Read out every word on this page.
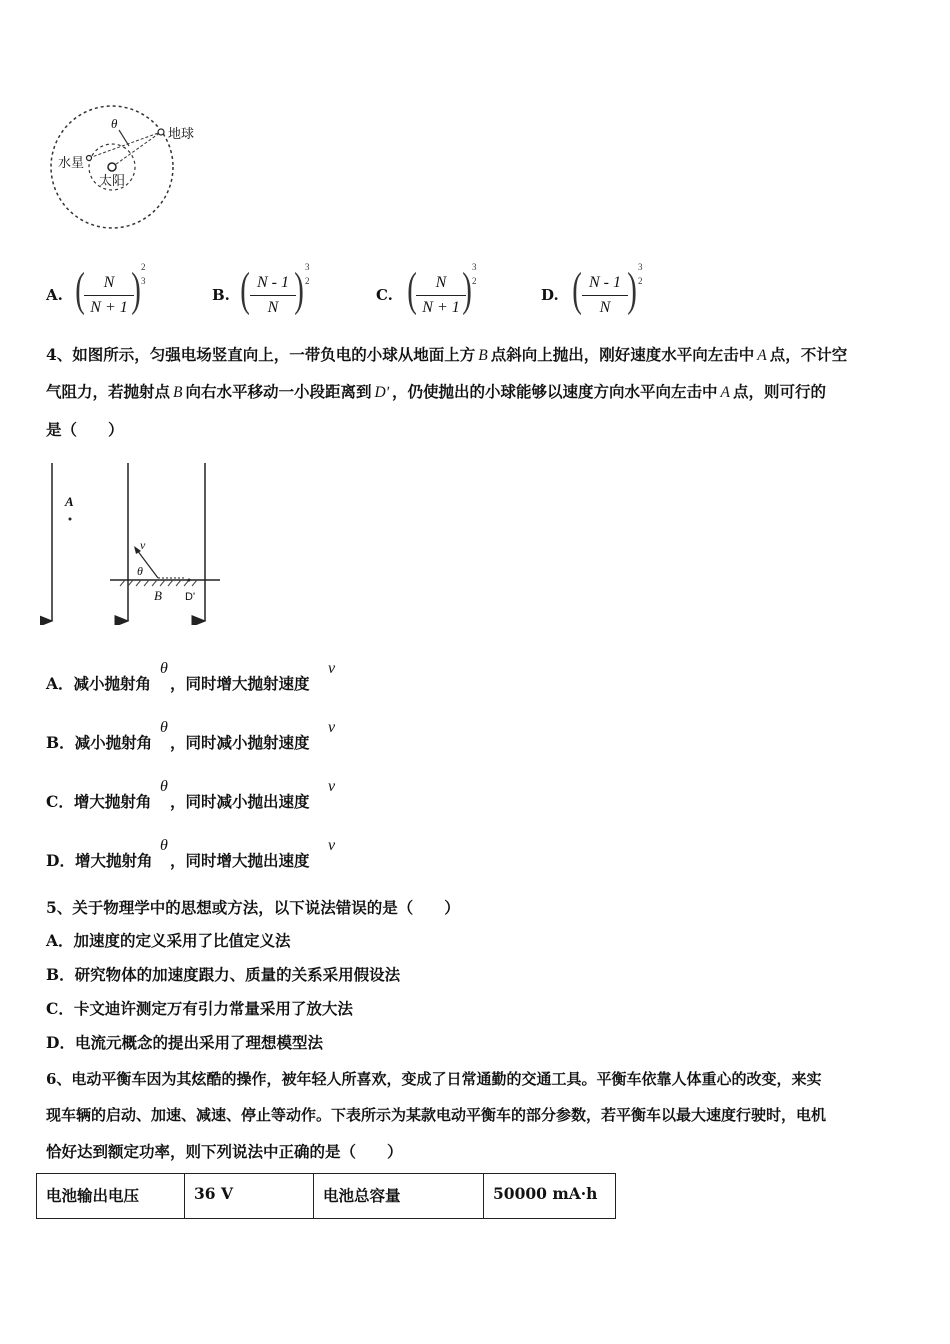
θ
地球
水星
太阳
A. (	N
N + 1 ) 2
3
B. ( N - 1
N ) 3
2
C. (	N
N + 1 ) 3
2
D. ( N - 1
N ) 3
2
4、如图所示，匀强电场竖直向上，一带负电的小球从地面上方 B 点斜向上抛出，刚好速度水平向左击中 A 点，不计空
气阻力，若抛射点 B 向右水平移动一小段距离到 Dʹ ，仍使抛出的小球能够以速度方向水平向左击中 A 点，则可行的
是（　　）
A
v
θ
B D'
A．减小抛射角
θ
，同时增大抛射速度
v
B．减小抛射角
θ
，同时减小抛射速度
v
C．增大抛射角
θ
，同时减小抛出速度
v
D．增大抛射角
θ
，同时增大抛出速度
v
5、关于物理学中的思想或方法，以下说法错误的是（　　）
A．加速度的定义采用了比值定义法
B．研究物体的加速度跟力、质量的关系采用假设法
C．卡文迪许测定万有引力常量采用了放大法
D．电流元概念的提出采用了理想模型法
6、电动平衡车因为其炫酷的操作，被年轻人所喜欢，变成了日常通勤的交通工具。平衡车依靠人体重心的改变，来实
现车辆的启动、加速、减速、停止等动作。下表所示为某款电动平衡车的部分参数，若平衡车以最大速度行驶时，电机
恰好达到额定功率，则下列说法中正确的是（　　）
电池输出电压	36 V	电池总容量	50000 mA·h
